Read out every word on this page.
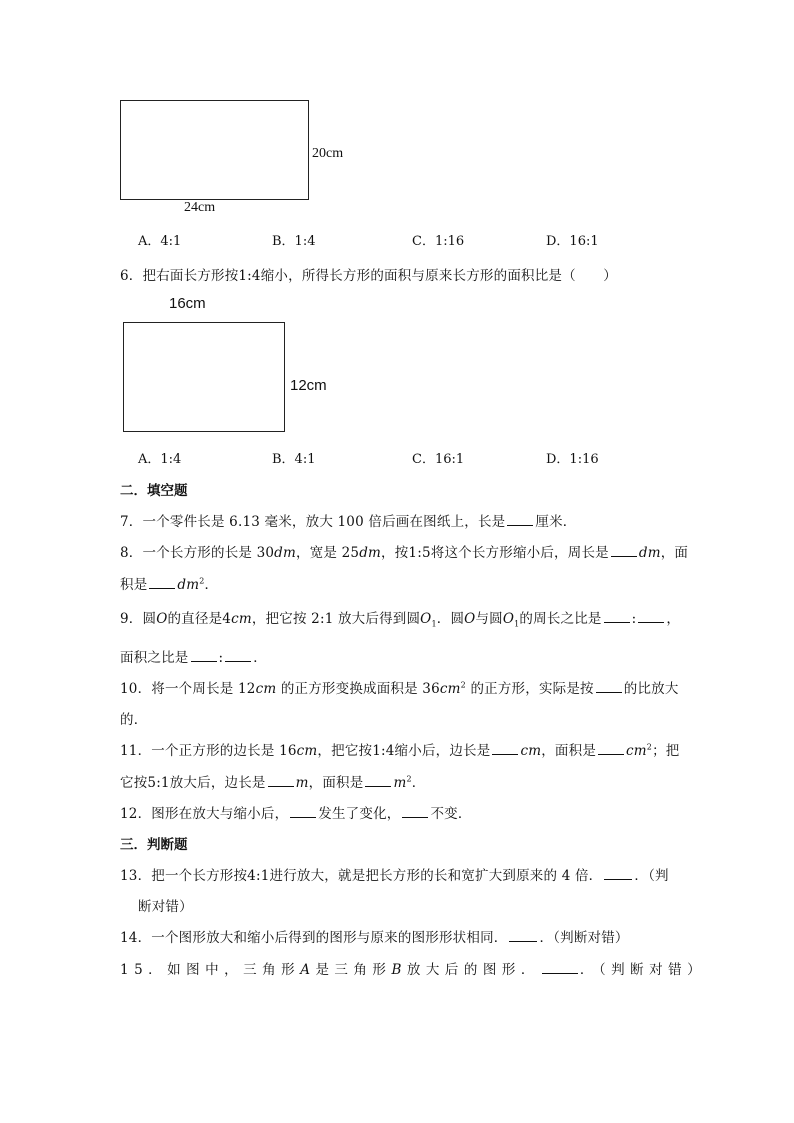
20cm
24cm
A．4:1	B．1:4	C．1:16	D．16:1
6．把右面长方形按1:4缩小，所得长方形的面积与原来长方形的面积比是（　　）
16cm
12cm
A．1:4	B．4:1	C．16:1	D．1:16
二．填空题
7．一个零件长是 6.13 毫米，放大 100 倍后画在图纸上，长是 厘米．
8．一个长方形的长是 30dm，宽是 25dm，按1:5将这个长方形缩小后，周长是 dm，面
积是 $dm^2$．
9．圆O的直径是4cm，把它按 2:1 放大后得到圆$O_1$．圆O与圆$O_1$的周长之比是 : ，
面积之比是 : ．
10．将一个周长是 12cm 的正方形变换成面积是 $36cm^2$ 的正方形，实际是按 的比放大
的．
11．一个正方形的边长是 16cm，把它按1:4缩小后，边长是 cm，面积是 $cm^2$；把
它按5:1放大后，边长是 m，面积是 $m^2$．
12．图形在放大与缩小后， 发生了变化， 不变．
三．判断题
13．把一个长方形按4:1进行放大，就是把长方形的长和宽扩大到原来的 4 倍． ．（判
断对错）
14．一个图形放大和缩小后得到的图形与原来的图形形状相同． ．（判断对错）
15．如图中，三角形A是三角形B放大后的图形．	．（判断对错）
